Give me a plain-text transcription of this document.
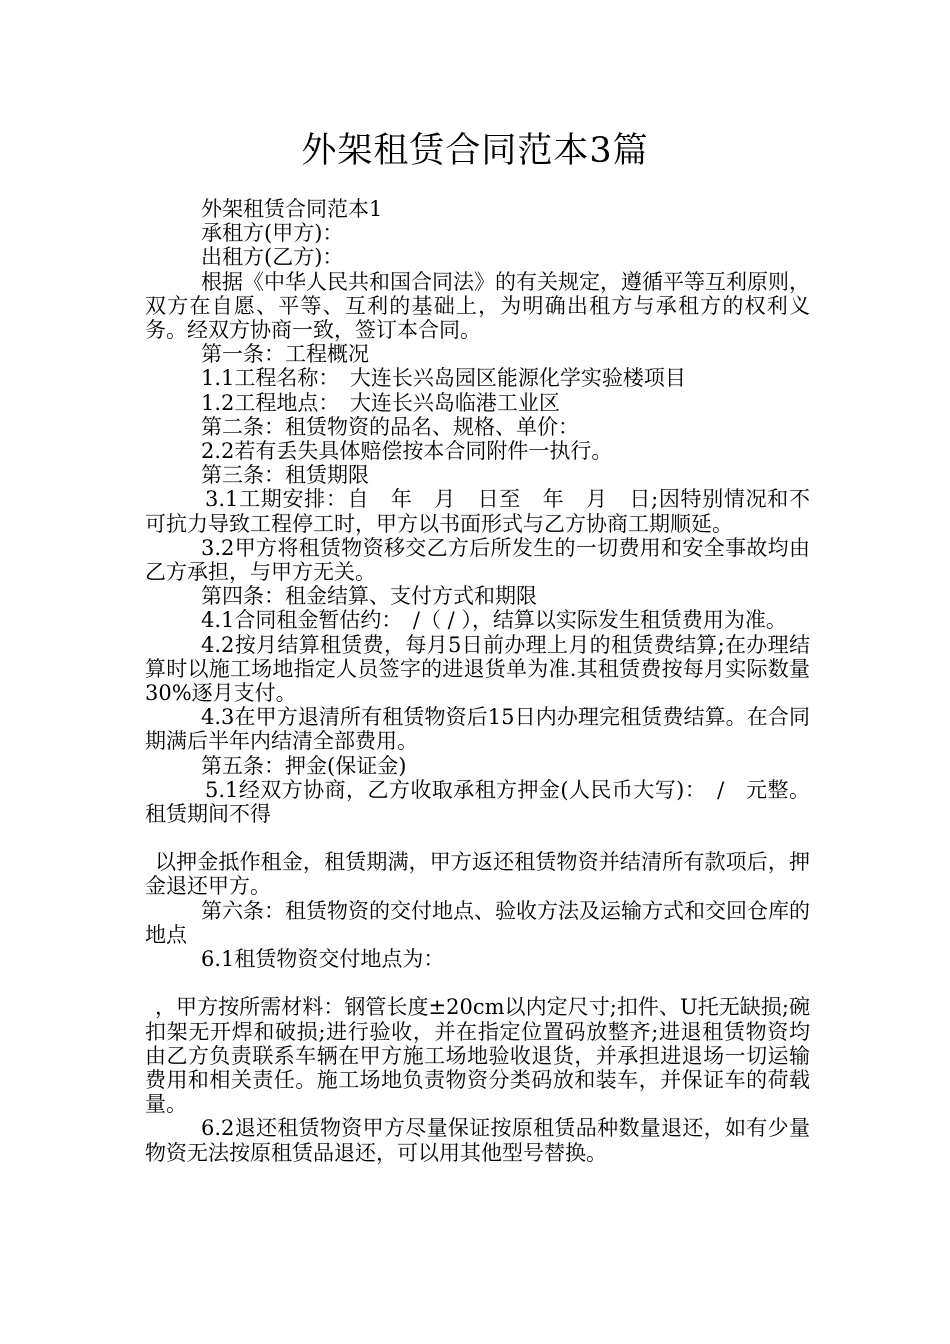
外架租赁合同范本3篇

外架租赁合同范本1

承租方(甲方)：

出租方(乙方)：

根据《中华人民共和国合同法》的有关规定，遵循平等互利原则，双方在自愿、平等、互利的基础上，为明确出租方与承租方的权利义务。经双方协商一致，签订本合同。

第一条：工程概况

1.1工程名称：　大连长兴岛园区能源化学实验楼项目

1.2工程地点：　大连长兴岛临港工业区

第二条：租赁物资的品名、规格、单价：

2.2若有丢失具体赔偿按本合同附件一执行。

第三条：租赁期限

3.1工期安排：自　年　月　日至　年　月　日;因特别情况和不可抗力导致工程停工时，甲方以书面形式与乙方协商工期顺延。

3.2甲方将租赁物资移交乙方后所发生的一切费用和安全事故均由乙方承担，与甲方无关。

第四条：租金结算、支付方式和期限

4.1合同租金暂估约：　/（ / ），结算以实际发生租赁费用为准。

4.2按月结算租赁费，每月5日前办理上月的租赁费结算;在办理结算时以施工场地指定人员签字的进退货单为准.其租赁费按每月实际数量30%逐月支付。

4.3在甲方退清所有租赁物资后15日内办理完租赁费结算。在合同期满后半年内结清全部费用。

第五条：押金(保证金)

5.1经双方协商，乙方收取承租方押金(人民币大写)：　/　元整。租赁期间不得

以押金抵作租金，租赁期满，甲方返还租赁物资并结清所有款项后，押金退还甲方。

第六条：租赁物资的交付地点、验收方法及运输方式和交回仓库的地点

6.1租赁物资交付地点为：

，甲方按所需材料：钢管长度±20cm以内定尺寸;扣件、U托无缺损;碗扣架无开焊和破损;进行验收，并在指定位置码放整齐;进退租赁物资均由乙方负责联系车辆在甲方施工场地验收退货，并承担进退场一切运输费用和相关责任。施工场地负责物资分类码放和装车，并保证车的荷载量。

6.2退还租赁物资甲方尽量保证按原租赁品种数量退还，如有少量物资无法按原租赁品退还，可以用其他型号替换。
